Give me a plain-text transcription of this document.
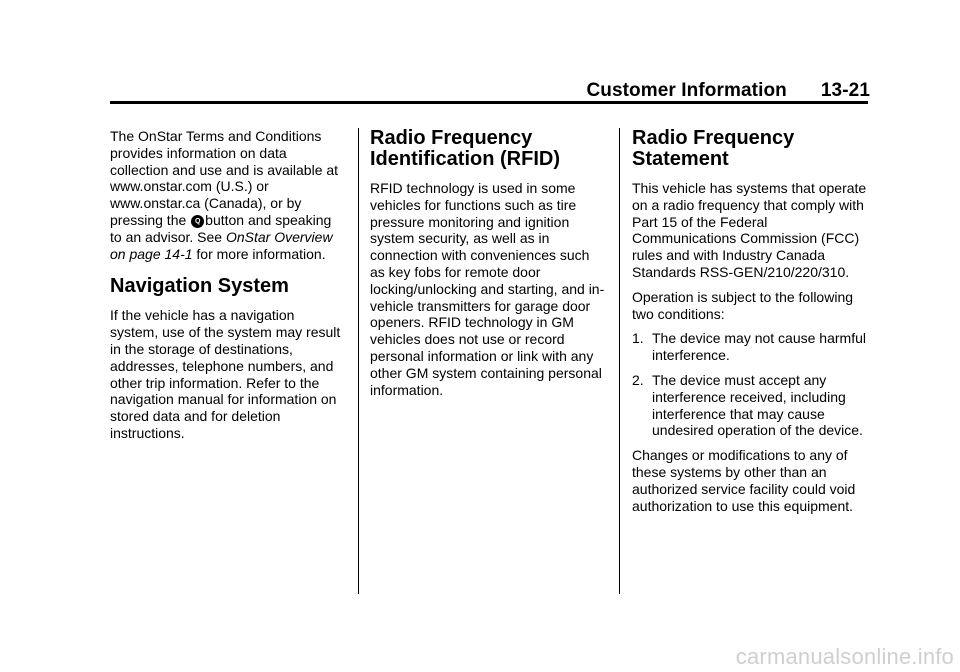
Customer Information 13-21

The OnStar Terms and Conditions provides information on data collection and use and is available at www.onstar.com (U.S.) or www.onstar.ca (Canada), or by pressing the Q button and speaking to an advisor. See OnStar Overview on page 14-1 for more information.

Navigation System

If the vehicle has a navigation system, use of the system may result in the storage of destinations, addresses, telephone numbers, and other trip information. Refer to the navigation manual for information on stored data and for deletion instructions.

Radio Frequency Identification (RFID)

RFID technology is used in some vehicles for functions such as tire pressure monitoring and ignition system security, as well as in connection with conveniences such as key fobs for remote door locking/unlocking and starting, and in-vehicle transmitters for garage door openers. RFID technology in GM vehicles does not use or record personal information or link with any other GM system containing personal information.

Radio Frequency Statement

This vehicle has systems that operate on a radio frequency that comply with Part 15 of the Federal Communications Commission (FCC) rules and with Industry Canada Standards RSS-GEN/210/220/310.

Operation is subject to the following two conditions:

1. The device may not cause harmful interference.
2. The device must accept any interference received, including interference that may cause undesired operation of the device.

Changes or modifications to any of these systems by other than an authorized service facility could void authorization to use this equipment.

carmanualsonline.info
